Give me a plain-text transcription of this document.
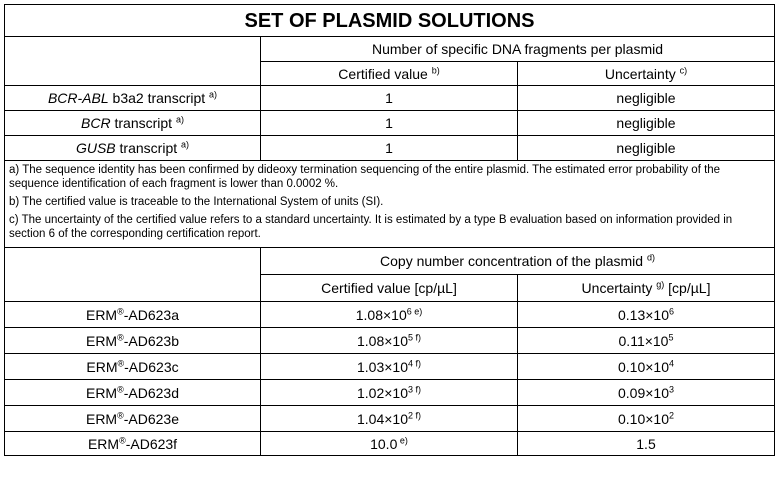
SET OF PLASMID SOLUTIONS		
	Number of specific DNA fragments per plasmid	
	Certified value $^{b)}$	Uncertainty $^{c)}$
BCR-ABL b3a2 transcript $^{a)}$	1	negligible
BCR transcript $^{a)}$	1	negligible
GUSB transcript $^{a)}$	1	negligible

a) The sequence identity has been confirmed by dideoxy termination sequencing of the entire plasmid. The estimated error probability of the sequence identification of each fragment is lower than 0.0002 %.
b) The certified value is traceable to the International System of units (SI).
c) The uncertainty of the certified value refers to a standard uncertainty. It is estimated by a type B evaluation based on information provided in section 6 of the corresponding certification report.		

	Copy number concentration of the plasmid $^{d)}$
	Certified value [cp/µL]	Uncertainty $^{g)}$ [cp/µL]
ERM®-AD623a	$1.08\times 10^6$ $^{e)}$	$0.13\times 10^6$
ERM®-AD623b	$1.08\times 10^5$ $^{f)}$	$0.11\times 10^5$
ERM®-AD623c	$1.03\times 10^4$ $^{f)}$	$0.10\times 10^4$
ERM®-AD623d	$1.02\times 10^3$ $^{f)}$	$0.09\times 10^3$
ERM®-AD623e	$1.04\times 10^2$ $^{f)}$	$0.10\times 10^2$
ERM®-AD623f	10.0 $^{e)}$	1.5
